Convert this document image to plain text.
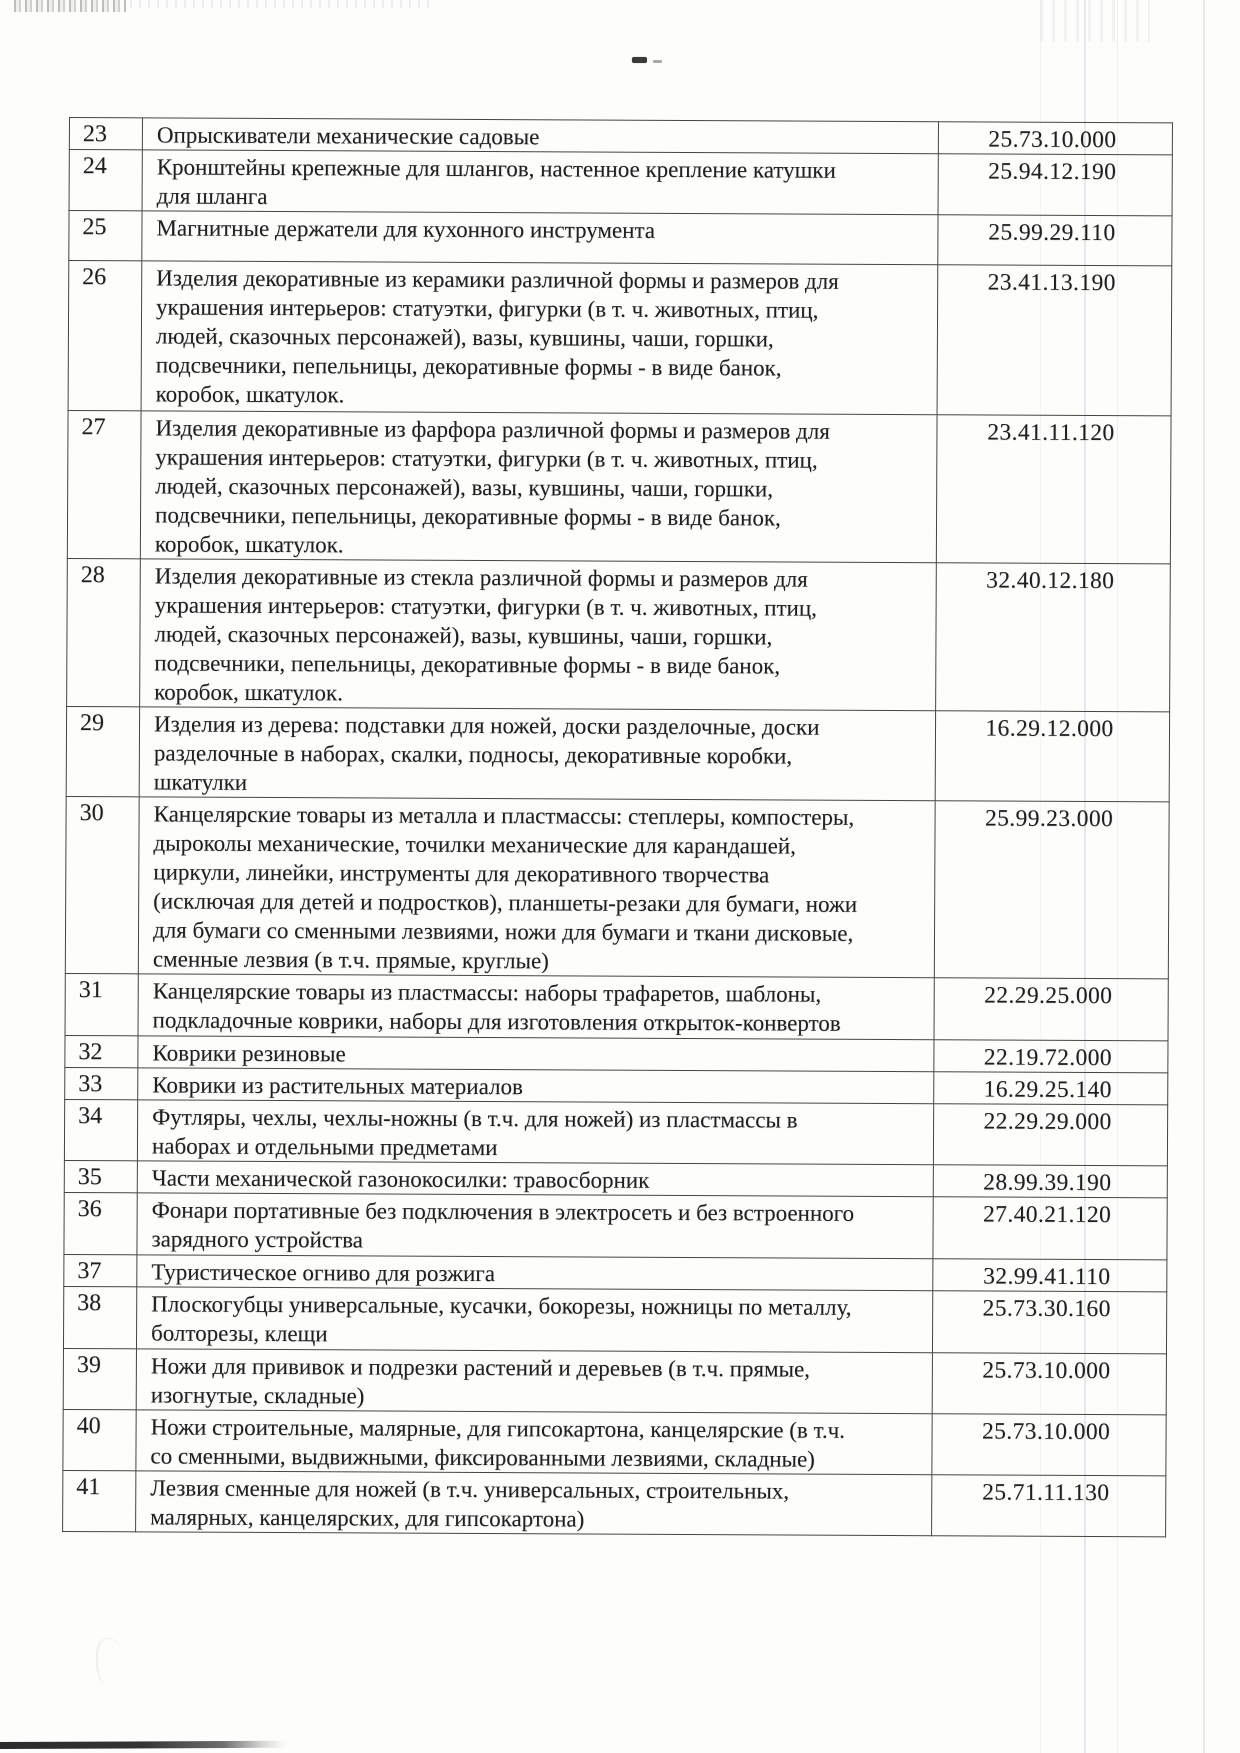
23	Опрыскиватели механические садовые	25.73.10.000
24	Кронштейны крепежные для шлангов, настенное крепление катушки
для шланга	25.94.12.190
25	Магнитные держатели для кухонного инструмента	25.99.29.110
26	Изделия декоративные из керамики различной формы и размеров для
украшения интерьеров: статуэтки, фигурки (в т. ч. животных, птиц,
людей, сказочных персонажей), вазы, кувшины, чаши, горшки,
подсвечники, пепельницы, декоративные формы - в виде банок,
коробок, шкатулок.	23.41.13.190
27	Изделия декоративные из фарфора различной формы и размеров для
украшения интерьеров: статуэтки, фигурки (в т. ч. животных, птиц,
людей, сказочных персонажей), вазы, кувшины, чаши, горшки,
подсвечники, пепельницы, декоративные формы - в виде банок,
коробок, шкатулок.	23.41.11.120
28	Изделия декоративные из стекла различной формы и размеров для
украшения интерьеров: статуэтки, фигурки (в т. ч. животных, птиц,
людей, сказочных персонажей), вазы, кувшины, чаши, горшки,
подсвечники, пепельницы, декоративные формы - в виде банок,
коробок, шкатулок.	32.40.12.180
29	Изделия из дерева: подставки для ножей, доски разделочные, доски
разделочные в наборах, скалки, подносы, декоративные коробки,
шкатулки	16.29.12.000
30	Канцелярские товары из металла и пластмассы: степлеры, компостеры,
дыроколы механические, точилки механические для карандашей,
циркули, линейки, инструменты для декоративного творчества
(исключая для детей и подростков), планшеты-резаки для бумаги, ножи
для бумаги со сменными лезвиями, ножи для бумаги и ткани дисковые,
сменные лезвия (в т.ч. прямые, круглые)	25.99.23.000
31	Канцелярские товары из пластмассы: наборы трафаретов, шаблоны,
подкладочные коврики, наборы для изготовления открыток-конвертов	22.29.25.000
32	Коврики резиновые	22.19.72.000
33	Коврики из растительных материалов	16.29.25.140
34	Футляры, чехлы, чехлы-ножны (в т.ч. для ножей) из пластмассы в
наборах и отдельными предметами	22.29.29.000
35	Части механической газонокосилки: травосборник	28.99.39.190
36	Фонари портативные без подключения в электросеть и без встроенного
зарядного устройства	27.40.21.120
37	Туристическое огниво для розжига	32.99.41.110
38	Плоскогубцы универсальные, кусачки, бокорезы, ножницы по металлу,
болторезы, клещи	25.73.30.160
39	Ножи для прививок и подрезки растений и деревьев (в т.ч. прямые,
изогнутые, складные)	25.73.10.000
40	Ножи строительные, малярные, для гипсокартона, канцелярские (в т.ч.
со сменными, выдвижными, фиксированными лезвиями, складные)	25.73.10.000
41	Лезвия сменные для ножей (в т.ч. универсальных, строительных,
малярных, канцелярских, для гипсокартона)	25.71.11.130
